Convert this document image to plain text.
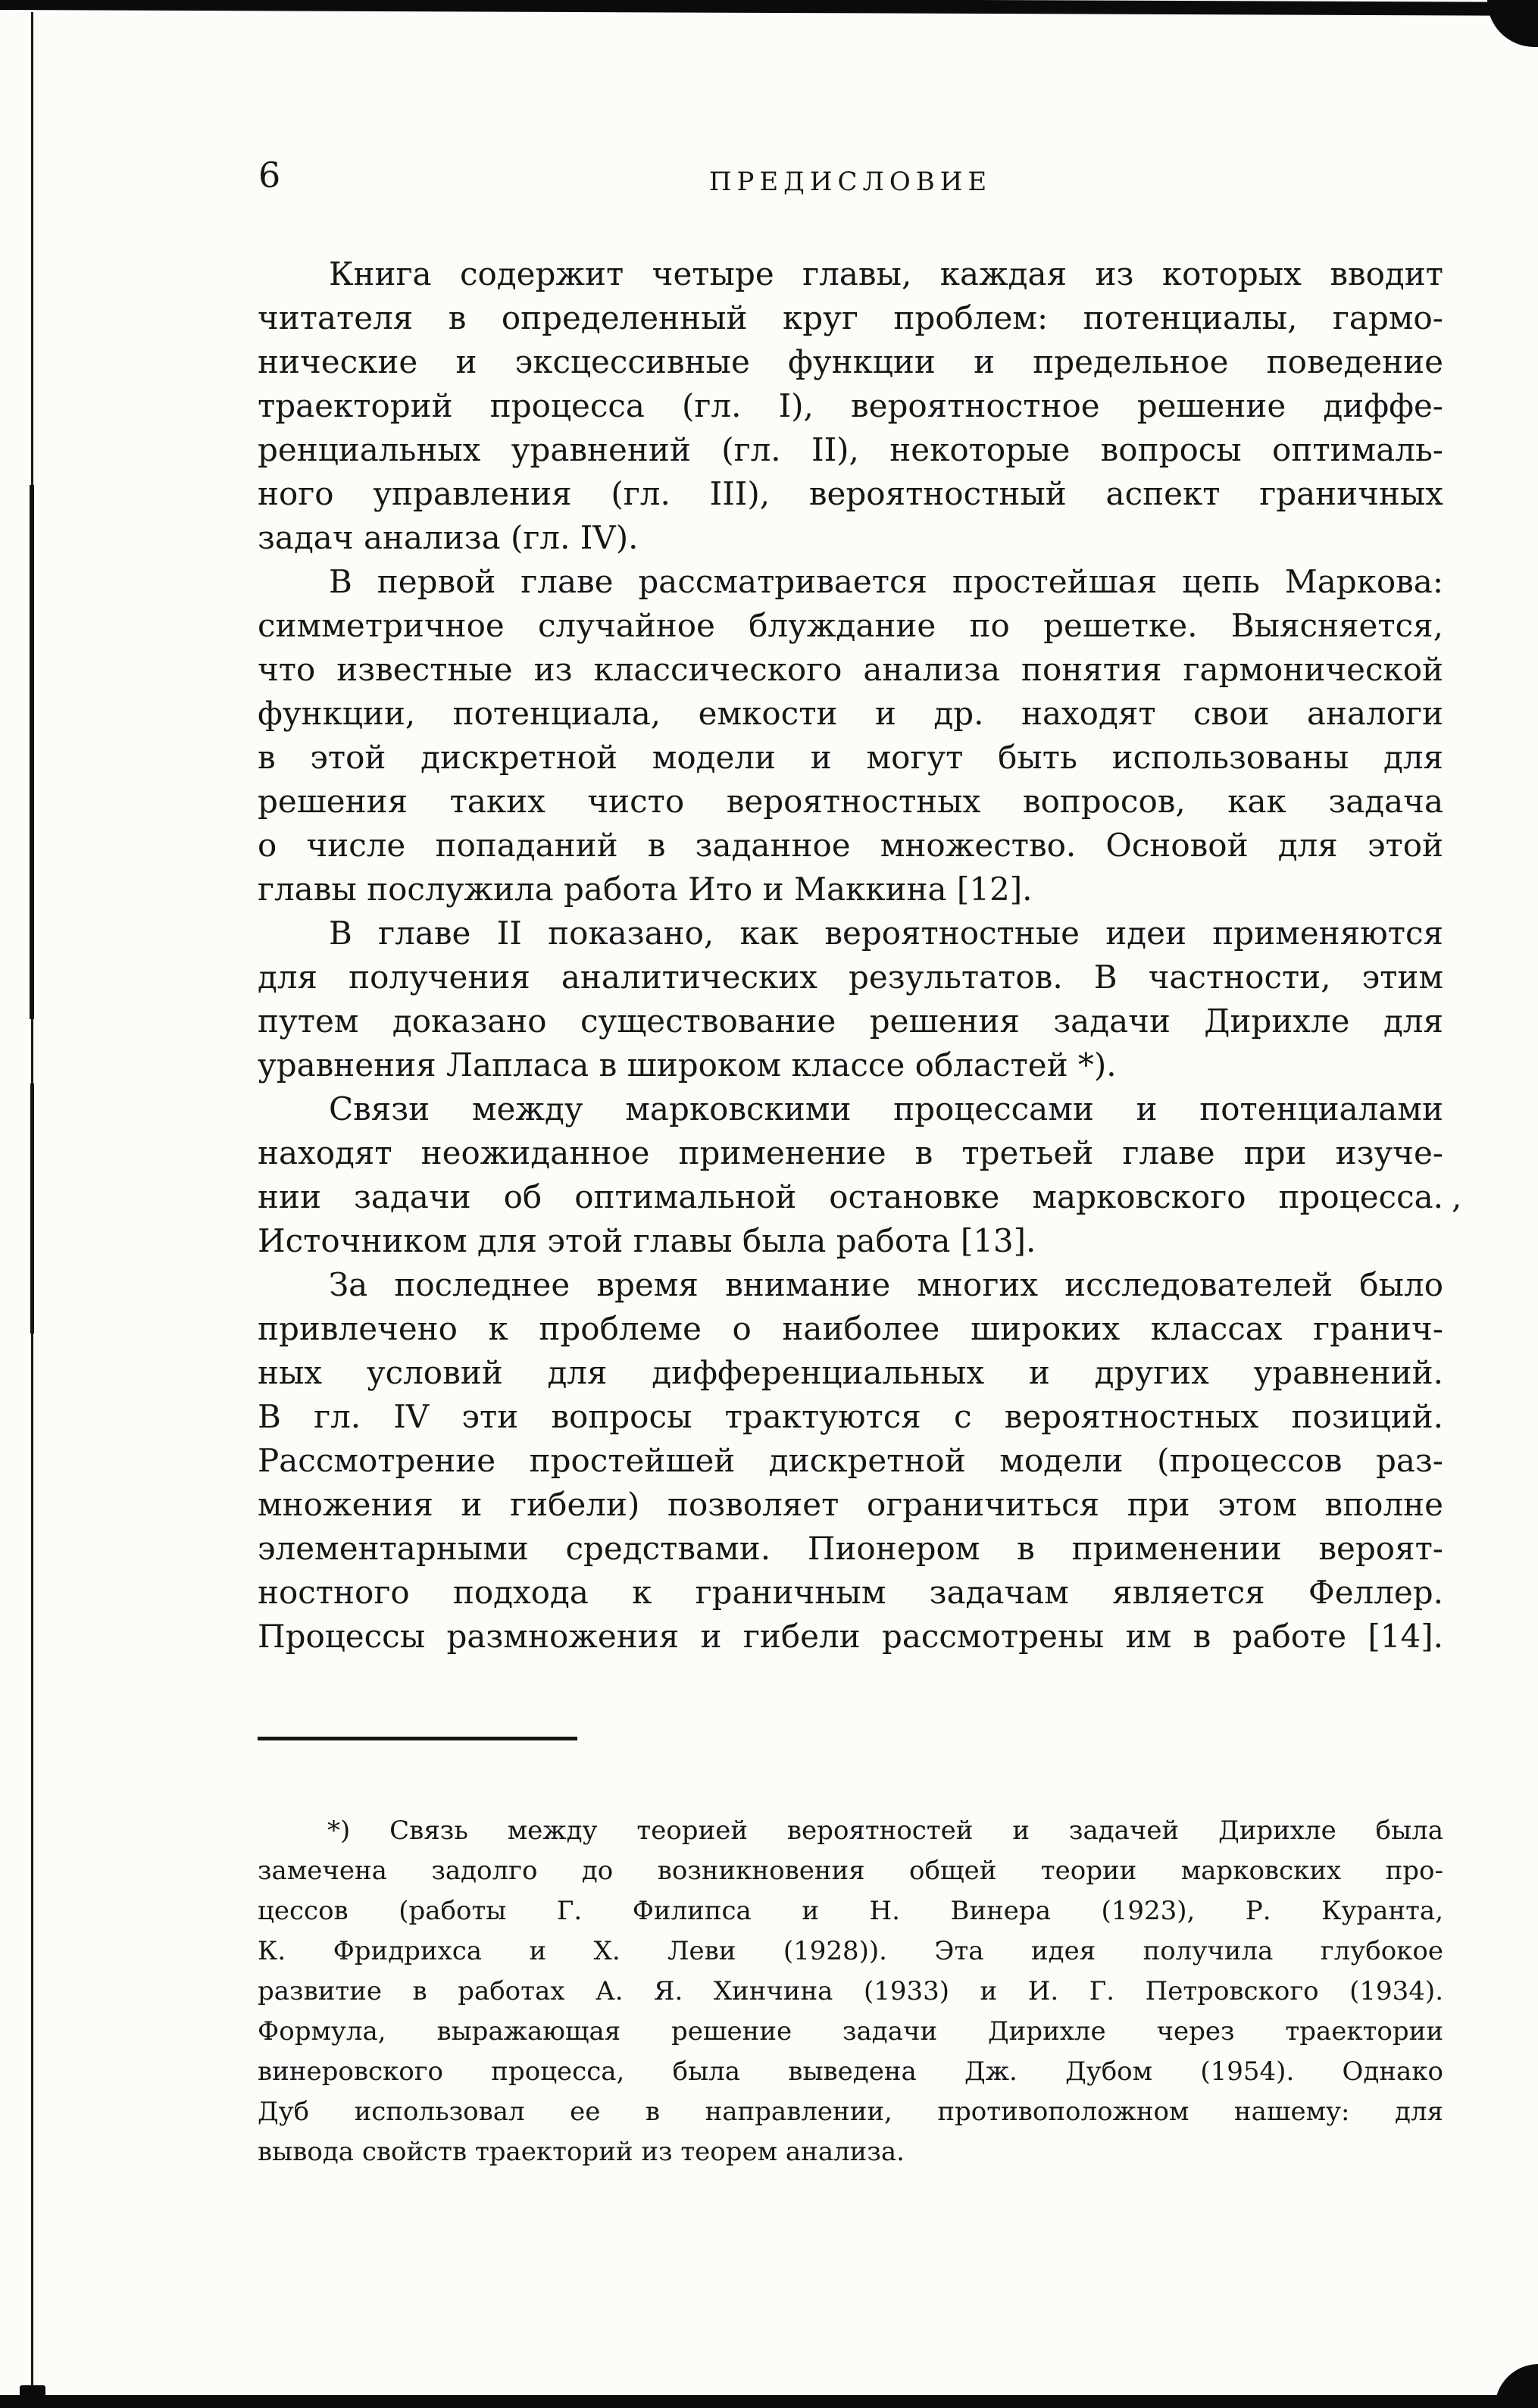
6	ПРЕДИСЛОВИЕ
Книга содержит четыре главы, каждая из которых вводит
читателя в определенный круг проблем: потенциалы, гармо-
нические и эксцессивные функции и предельное поведение
траекторий процесса (гл. I), вероятностное решение диффе-
ренциальных уравнений (гл. II), некоторые вопросы оптималь-
ного управления (гл. III), вероятностный аспект граничных
задач анализа (гл. IV).
В первой главе рассматривается простейшая цепь Маркова:
симметричное случайное блуждание по решетке. Выясняется,
что известные из классического анализа понятия гармонической
функции, потенциала, емкости и др. находят свои аналоги
в этой дискретной модели и могут быть использованы для
решения таких чисто вероятностных вопросов, как задача
о числе попаданий в заданное множество. Основой для этой
главы послужила работа Ито и Маккина [12].
В главе II показано, как вероятностные идеи применяются
для получения аналитических результатов. В частности, этим
путем доказано существование решения задачи Дирихле для
уравнения Лапласа в широком классе областей *).
Связи между марковскими процессами и потенциалами
находят неожиданное применение в третьей главе при изуче-
нии задачи об оптимальной остановке марковского процесса.
Источником для этой главы была работа [13].
За последнее время внимание многих исследователей было
привлечено к проблеме о наиболее широких классах гранич-
ных условий для дифференциальных и других уравнений.
В гл. IV эти вопросы трактуются с вероятностных позиций.
Рассмотрение простейшей дискретной модели (процессов раз-
множения и гибели) позволяет ограничиться при этом вполне
элементарными средствами. Пионером в применении вероят-
ностного подхода к граничным задачам является Феллер.
Процессы размножения и гибели рассмотрены им в работе [14].
*) Связь между теорией вероятностей и задачей Дирихле была
замечена задолго до возникновения общей теории марковских про-
цессов (работы Г. Филипса и Н. Винера (1923), Р. Куранта,
К. Фридрихса и Х. Леви (1928)). Эта идея получила глубокое
развитие в работах А. Я. Хинчина (1933) и И. Г. Петровского (1934).
Формула, выражающая решение задачи Дирихле через траектории
винеровского процесса, была выведена Дж. Дубом (1954). Однако
Дуб использовал ее в направлении, противоположном нашему: для
вывода свойств траекторий из теорем анализа.
,
